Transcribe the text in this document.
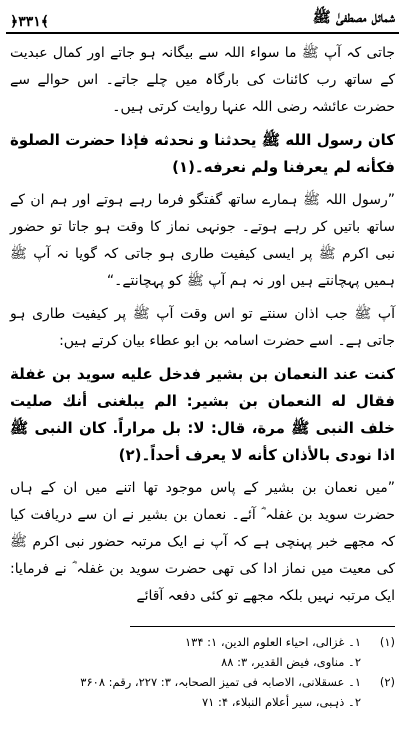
شمائل مصطفیٰ ﷺ
﴿۳۳۱﴾

جاتی کہ آپ ﷺ ما سواء اللہ سے بیگانہ ہو جاتے اور کمال عبدیت کے ساتھ رب کائنات کی بارگاہ میں چلے جاتے۔ اس حوالے سے حضرت عائشہ رضی اللہ عنہا روایت کرتی ہیں۔

كان رسول الله ﷺ يحدثنا و نحدثه فإذا حضرت الصلوة فكأنه لم يعرفنا ولم نعرفه۔(۱)

”رسول اللہ ﷺ ہمارے ساتھ گفتگو فرما رہے ہوتے اور ہم ان کے ساتھ باتیں کر رہے ہوتے۔ جونہی نماز کا وقت ہو جاتا تو حضور نبی اکرم ﷺ پر ایسی کیفیت طاری ہو جاتی کہ گویا نہ آپ ﷺ ہمیں پہچانتے ہیں اور نہ ہم آپ ﷺ کو پہچانتے۔“

آپ ﷺ جب اذان سنتے تو اس وقت آپ ﷺ پر کیفیت طاری ہو جاتی ہے۔ اسے حضرت اسامہ بن ابو عطاء بیان کرتے ہیں:

كنت عند النعمان بن بشير فدخل عليه سويد بن غفلة فقال له النعمان بن بشير: الم يبلغنى أنك صليت خلف النبى ﷺ مرة، قال: لا: بل مراراً. كان النبى ﷺ اذا نودى بالأذان كأنه لا يعرف أحداً۔(۲)

”میں نعمان بن بشیر کے پاس موجود تھا اتنے میں ان کے ہاں حضرت سوید بن غفلہ ؓ آئے۔ نعمان بن بشیر نے ان سے دریافت کیا کہ مجھے خبر پہنچی ہے کہ آپ نے ایک مرتبہ حضور نبی اکرم ﷺ کی معیت میں نماز ادا کی تھی حضرت سوید بن غفلہ ؓ نے فرمایا: ایک مرتبہ نہیں بلکہ مجھے تو کئی دفعہ آقائے

(۱)
۱۔ غزالی، احیاء العلوم الدین، ۱: ۱۳۴
۲۔ مناوی، فیض القدیر، ۳: ۸۸
(۲)
۱۔ عسقلانی، الاصابہ فی تمیز الصحابہ، ۳: ۲۲۷، رقم: ۳۶۰۸
۲۔ ذہبی، سیر أعلام النبلاء، ۴: ۷۱
